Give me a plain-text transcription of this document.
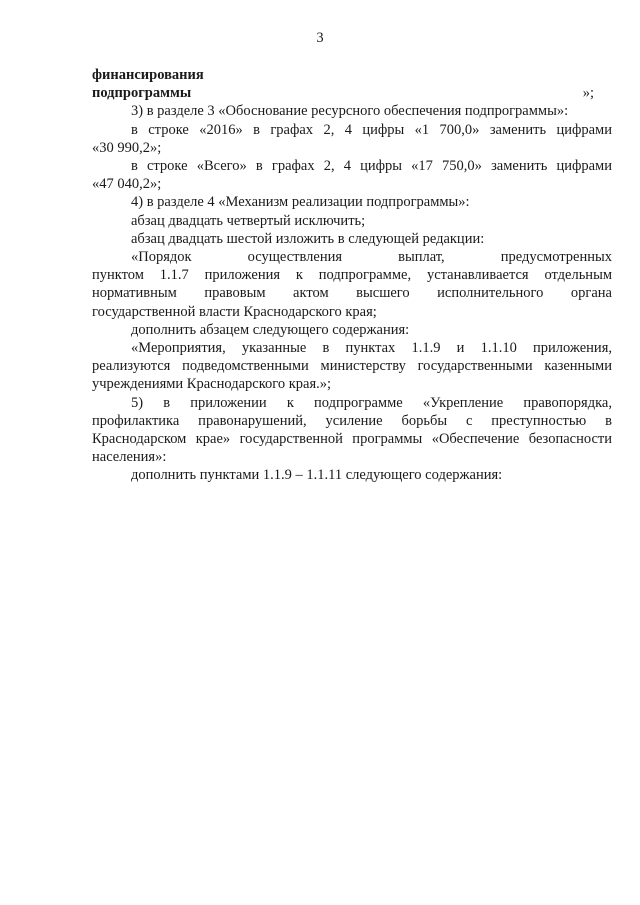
3
финансирования
подпрограммы	»;
3) в разделе 3 «Обоснование ресурсного обеспечения подпрограммы»:
в строке «2016» в графах 2, 4 цифры «1 700,0» заменить цифрами
«30 990,2»;
в строке «Всего» в графах 2, 4 цифры «17 750,0» заменить цифрами
«47 040,2»;
4) в разделе 4 «Механизм реализации подпрограммы»:
абзац двадцать четвертый исключить;
абзац двадцать шестой изложить в следующей редакции:
«Порядок осуществления выплат, предусмотренных
пунктом 1.1.7 приложения к подпрограмме, устанавливается отдельным
нормативным правовым актом высшего исполнительного органа
государственной власти Краснодарского края;
дополнить абзацем следующего содержания:
«Мероприятия, указанные в пунктах 1.1.9 и 1.1.10 приложения,
реализуются подведомственными министерству государственными казенными
учреждениями Краснодарского края.»;
5) в приложении к подпрограмме «Укрепление правопорядка,
профилактика правонарушений, усиление борьбы с преступностью в
Краснодарском крае» государственной программы «Обеспечение безопасности
населения»:
дополнить пунктами 1.1.9 – 1.1.11 следующего содержания:
